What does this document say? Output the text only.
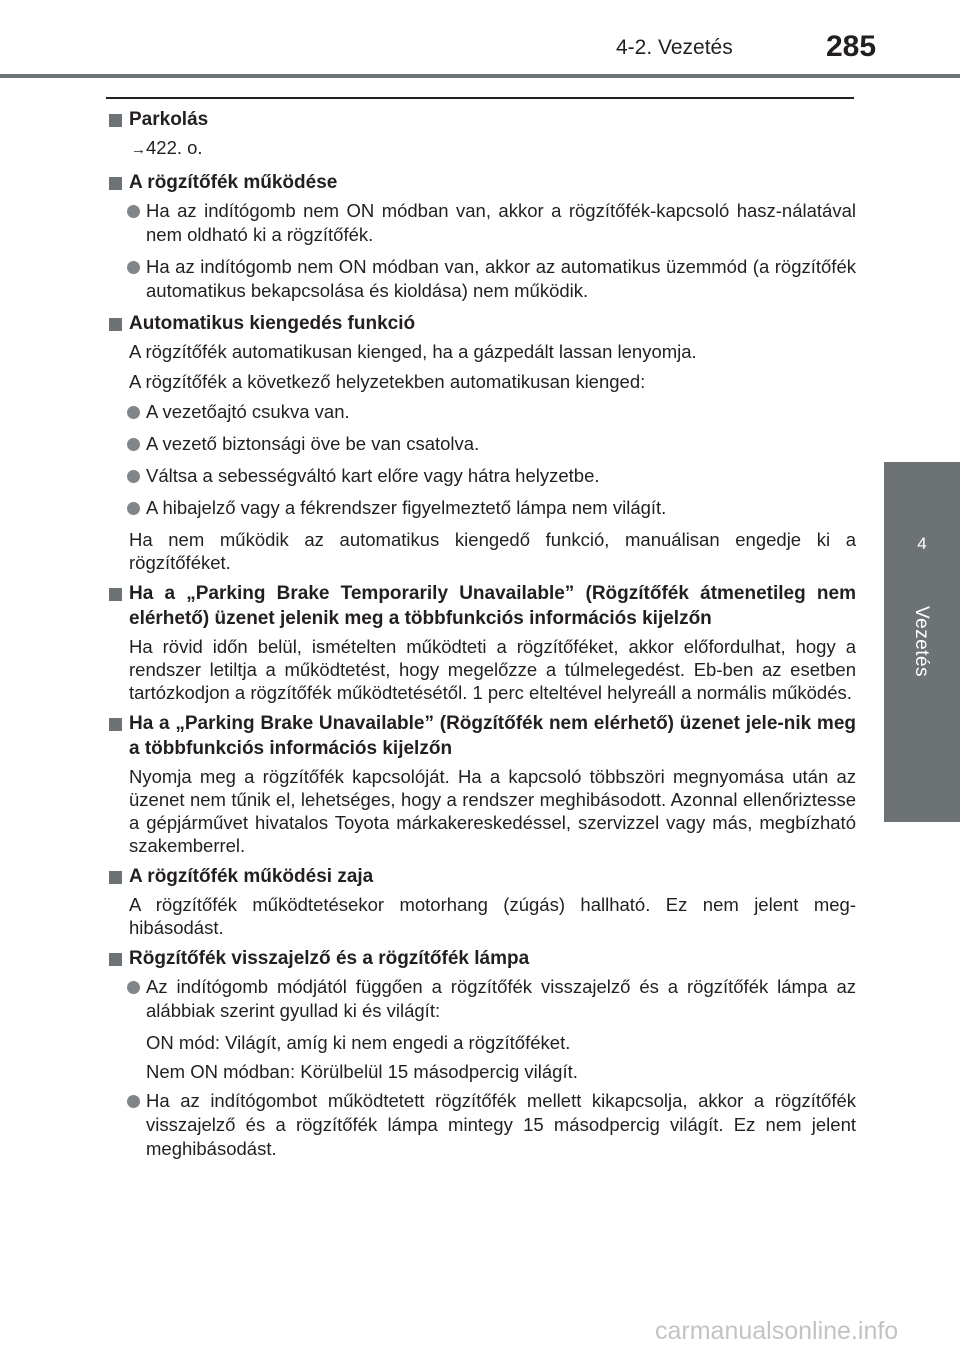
4-2. Vezetés	285
4
Vezetés
Parkolás
→422. o.
A rögzítőfék működése
Ha az indítógomb nem ON módban van, akkor a rögzítőfék-kapcsoló hasz-nálatával nem oldható ki a rögzítőfék.
Ha az indítógomb nem ON módban van, akkor az automatikus üzemmód (a rögzítőfék automatikus bekapcsolása és kioldása) nem működik.
Automatikus kiengedés funkció
A rögzítőfék automatikusan kienged, ha a gázpedált lassan lenyomja.
A rögzítőfék a következő helyzetekben automatikusan kienged:
A vezetőajtó csukva van.
A vezető biztonsági öve be van csatolva.
Váltsa a sebességváltó kart előre vagy hátra helyzetbe.
A hibajelző vagy a fékrendszer figyelmeztető lámpa nem világít.
Ha nem működik az automatikus kiengedő funkció, manuálisan engedje ki a rögzítőféket.
Ha a „Parking Brake Temporarily Unavailable” (Rögzítőfék átmenetileg nem elérhető) üzenet jelenik meg a többfunkciós információs kijelzőn
Ha rövid időn belül, ismételten működteti a rögzítőféket, akkor előfordulhat, hogy a rendszer letiltja a működtetést, hogy megelőzze a túlmelegedést. Eb-ben az esetben tartózkodjon a rögzítőfék működtetésétől. 1 perc elteltével helyreáll a normális működés.
Ha a „Parking Brake Unavailable” (Rögzítőfék nem elérhető) üzenet jele-nik meg a többfunkciós információs kijelzőn
Nyomja meg a rögzítőfék kapcsolóját. Ha a kapcsoló többszöri megnyomása után az üzenet nem tűnik el, lehetséges, hogy a rendszer meghibásodott. Azonnal ellenőriztesse a gépjárművet hivatalos Toyota márkakereskedéssel, szervizzel vagy más, megbízható szakemberrel.
A rögzítőfék működési zaja
A rögzítőfék működtetésekor motorhang (zúgás) hallható. Ez nem jelent meg-hibásodást.
Rögzítőfék visszajelző és a rögzítőfék lámpa
Az indítógomb módjától függően a rögzítőfék visszajelző és a rögzítőfék lámpa az alábbiak szerint gyullad ki és világít:
ON mód: Világít, amíg ki nem engedi a rögzítőféket.
Nem ON módban: Körülbelül 15 másodpercig világít.
Ha az indítógombot működtetett rögzítőfék mellett kikapcsolja, akkor a rögzítőfék visszajelző és a rögzítőfék lámpa mintegy 15 másodpercig világít. Ez nem jelent meghibásodást.
carmanualsonline.info
